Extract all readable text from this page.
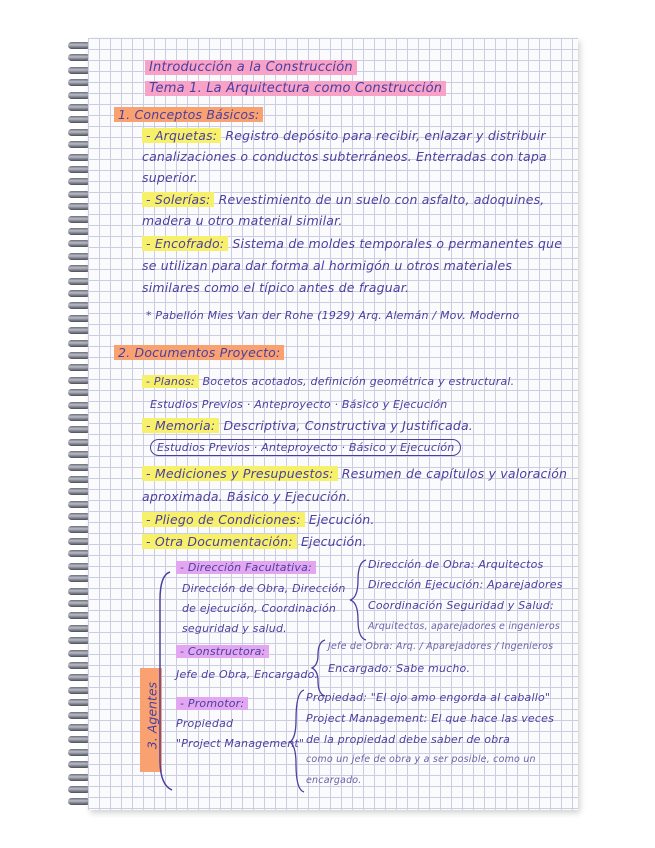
Introducción a la Construcción
Tema 1. La Arquitectura como Construcción
1. Conceptos Básicos:
- Arquetas: Registro depósito para recibir, enlazar y distribuir
canalizaciones o conductos subterráneos. Enterradas con tapa
superior.
- Solerías: Revestimiento de un suelo con asfalto, adoquines,
madera u otro material similar.
- Encofrado: Sistema de moldes temporales o permanentes que
se utilizan para dar forma al hormigón u otros materiales
similares como el típico antes de fraguar.
* Pabellón Mies Van der Rohe (1929) Arq. Alemán / Mov. Moderno
2. Documentos Proyecto:
- Planos: Bocetos acotados, definición geométrica y estructural.
Estudios Previos · Anteproyecto · Básico y Ejecución
- Memoria: Descriptiva, Constructiva y Justificada.
Estudios Previos · Anteproyecto · Básico y Ejecución
- Mediciones y Presupuestos: Resumen de capítulos y valoración
aproximada. Básico y Ejecución.
- Pliego de Condiciones: Ejecución.
- Otra Documentación: Ejecución.
3. Agentes
- Dirección Facultativa:
Dirección de Obra, Dirección
de ejecución, Coordinación
seguridad y salud.
Dirección de Obra: Arquitectos
Dirección Ejecución: Aparejadores
Coordinación Seguridad y Salud:
Arquitectos, aparejadores e ingenieros
- Constructora:
Jefe de Obra, Encargado.
Jefe de Obra: Arq. / Aparejadores / Ingenieros
Encargado: Sabe mucho.
- Promotor:
Propiedad
"Project Management"
Propiedad: "El ojo amo engorda al caballo"
Project Management: El que hace las veces
de la propiedad debe saber de obra
como un jefe de obra y a ser posible, como un
encargado.
